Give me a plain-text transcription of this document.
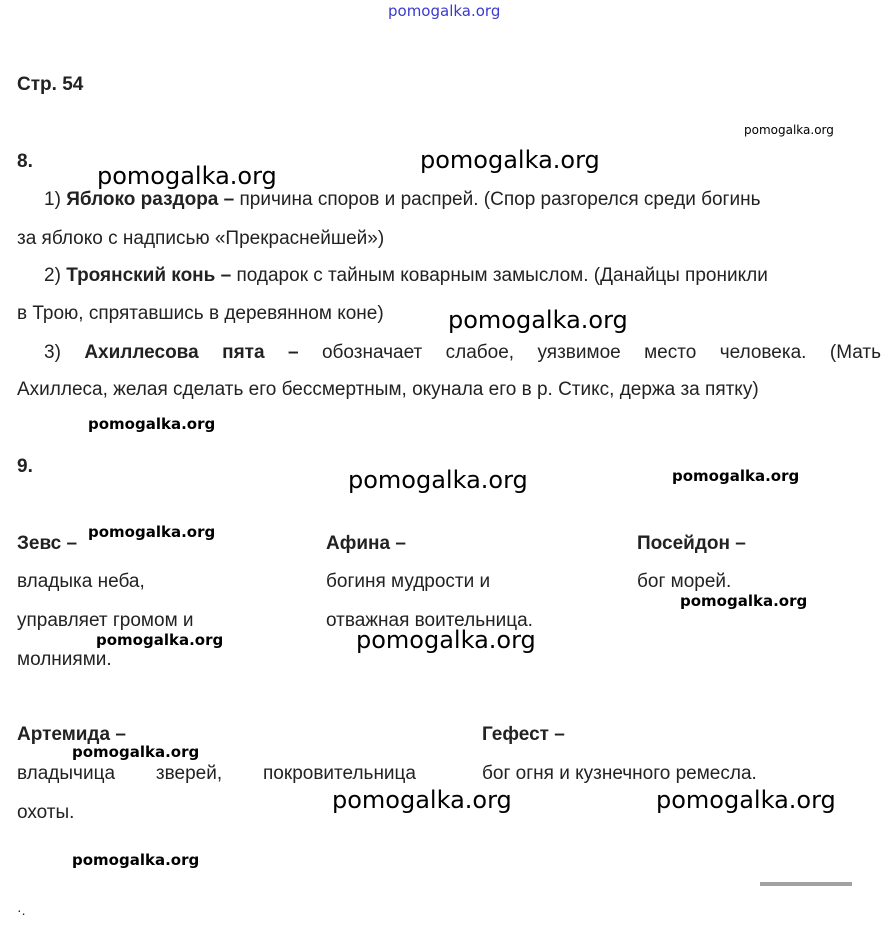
pomogalka.org
Стр. 54
pomogalka.org
8.	pomogalka.org
pomogalka.org
1) Яблоко раздора – причина споров и распрей. (Спор разгорелся среди богинь
за яблоко с надписью «Прекраснейшей»)
2) Троянский конь – подарок с тайным коварным замыслом. (Данайцы проникли
в Трою, спрятавшись в деревянном коне)	pomogalka.org
3) Ахиллесова пята – обозначает слабое, уязвимое место человека. (Мать
Ахиллеса, желая сделать его бессмертным, окунала его в р. Стикс, держа за пятку)
pomogalka.org
9.	pomogalka.org	pomogalka.org
Зевс –
pomogalka.org
владыка неба,
управляет громом и
pomogalka.org
молниями.
Афина –
богиня мудрости и
отважная воительница.
pomogalka.org
Посейдон –
бог морей.
pomogalka.org
Артемида –
pomogalka.org
владычица зверей, покровительница
охоты.	pomogalka.org
Гефест –
бог огня и кузнечного ремесла.
pomogalka.org
pomogalka.org
·.
